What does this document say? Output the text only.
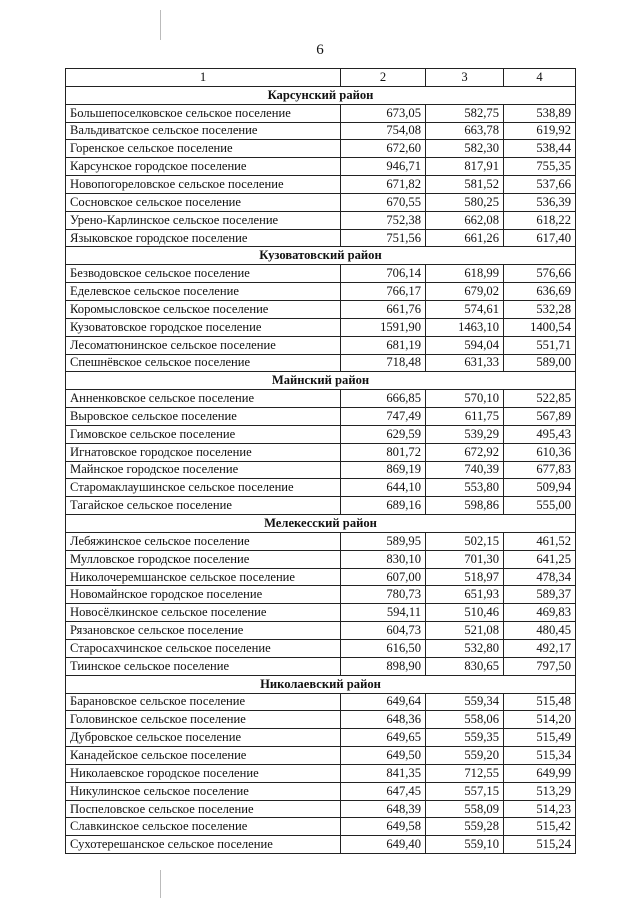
6
1	2	3	4
Карсунский район			
Большепоселковское сельское поселение	673,05	582,75	538,89
Вальдиватское сельское поселение	754,08	663,78	619,92
Горенское сельское поселение	672,60	582,30	538,44
Карсунское городское поселение	946,71	817,91	755,35
Новопогореловское сельское поселение	671,82	581,52	537,66
Сосновское сельское поселение	670,55	580,25	536,39
Урено-Карлинское сельское поселение	752,38	662,08	618,22
Языковское городское поселение	751,56	661,26	617,40
Кузоватовский район			
Безводовское сельское поселение	706,14	618,99	576,66
Еделевское сельское поселение	766,17	679,02	636,69
Коромысловское сельское поселение	661,76	574,61	532,28
Кузоватовское городское поселение	1591,90	1463,10	1400,54
Лесоматюнинское сельское поселение	681,19	594,04	551,71
Спешнёвское сельское поселение	718,48	631,33	589,00
Майнский район			
Анненковское сельское поселение	666,85	570,10	522,85
Выровское сельское поселение	747,49	611,75	567,89
Гимовское сельское поселение	629,59	539,29	495,43
Игнатовское городское поселение	801,72	672,92	610,36
Майнское городское поселение	869,19	740,39	677,83
Старомаклаушинское сельское поселение	644,10	553,80	509,94
Тагайское сельское поселение	689,16	598,86	555,00
Мелекесский район			
Лебяжинское сельское поселение	589,95	502,15	461,52
Мулловское городское поселение	830,10	701,30	641,25
Николочеремшанское сельское поселение	607,00	518,97	478,34
Новомайнское городское поселение	780,73	651,93	589,37
Новосёлкинское сельское поселение	594,11	510,46	469,83
Рязановское сельское поселение	604,73	521,08	480,45
Старосахчинское сельское поселение	616,50	532,80	492,17
Тиинское сельское поселение	898,90	830,65	797,50
Николаевский район			
Барановское сельское поселение	649,64	559,34	515,48
Головинское сельское поселение	648,36	558,06	514,20
Дубровское сельское поселение	649,65	559,35	515,49
Канадейское сельское поселение	649,50	559,20	515,34
Николаевское городское поселение	841,35	712,55	649,99
Никулинское сельское поселение	647,45	557,15	513,29
Поспеловское сельское поселение	648,39	558,09	514,23
Славкинское сельское поселение	649,58	559,28	515,42
Сухотерешанское сельское поселение	649,40	559,10	515,24
